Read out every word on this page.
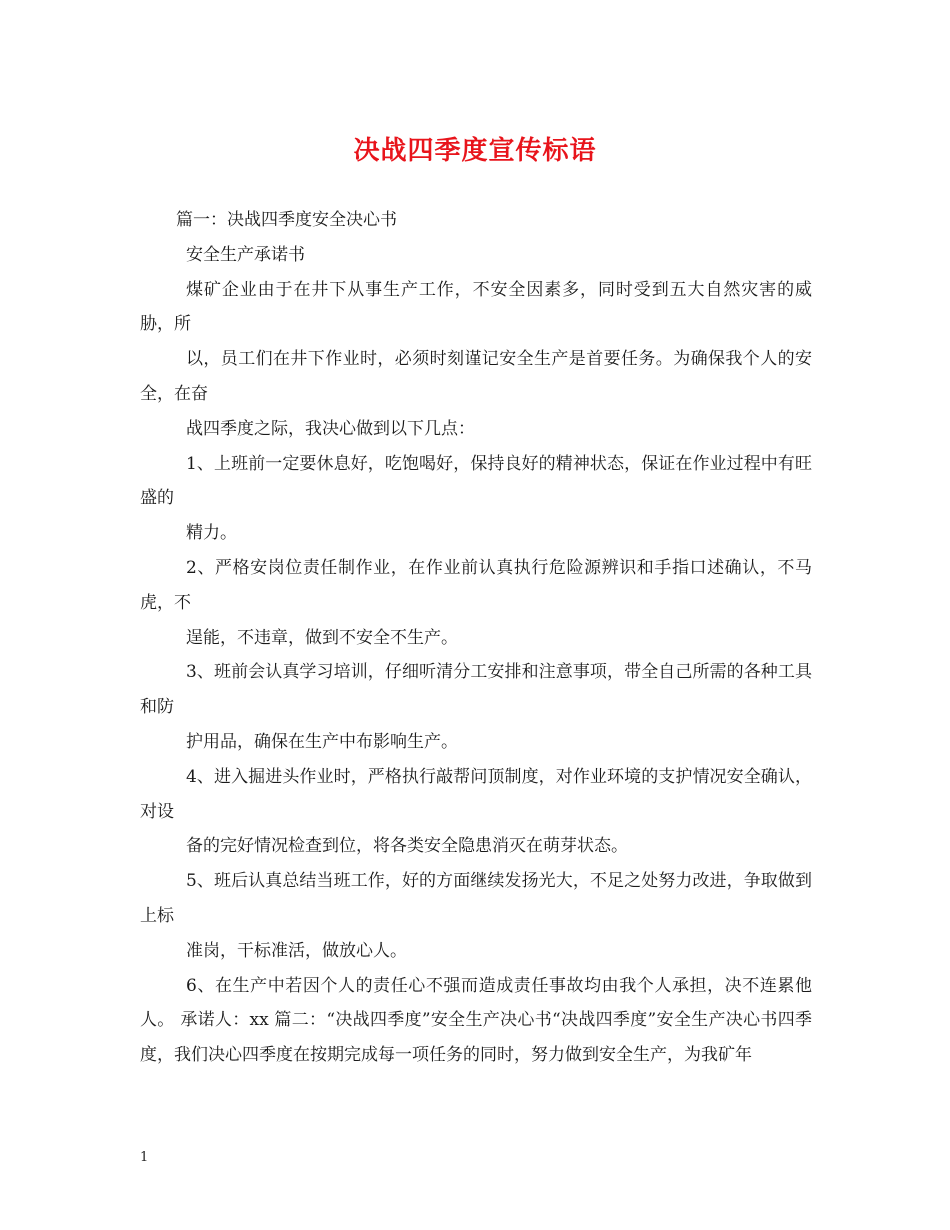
决战四季度宣传标语

篇一：决战四季度安全决心书

安全生产承诺书

煤矿企业由于在井下从事生产工作，不安全因素多，同时受到五大自然灾害的威胁，所

以，员工们在井下作业时，必须时刻谨记安全生产是首要任务。为确保我个人的安全，在奋

战四季度之际，我决心做到以下几点：

1、上班前一定要休息好，吃饱喝好，保持良好的精神状态，保证在作业过程中有旺盛的

精力。

2、严格安岗位责任制作业，在作业前认真执行危险源辨识和手指口述确认，不马虎，不

逞能，不违章，做到不安全不生产。

3、班前会认真学习培训，仔细听清分工安排和注意事项，带全自己所需的各种工具和防

护用品，确保在生产中布影响生产。

4、进入掘进头作业时，严格执行敲帮问顶制度，对作业环境的支护情况安全确认，对设

备的完好情况检查到位，将各类安全隐患消灭在萌芽状态。

5、班后认真总结当班工作，好的方面继续发扬光大，不足之处努力改进，争取做到上标

准岗，干标准活，做放心人。

6、在生产中若因个人的责任心不强而造成责任事故均由我个人承担，决不连累他人。 承诺人：xx 篇二：“决战四季度”安全生产决心书“决战四季度”安全生产决心书四季度，我们决心四季度在按期完成每一项任务的同时，努力做到安全生产，为我矿年

1
